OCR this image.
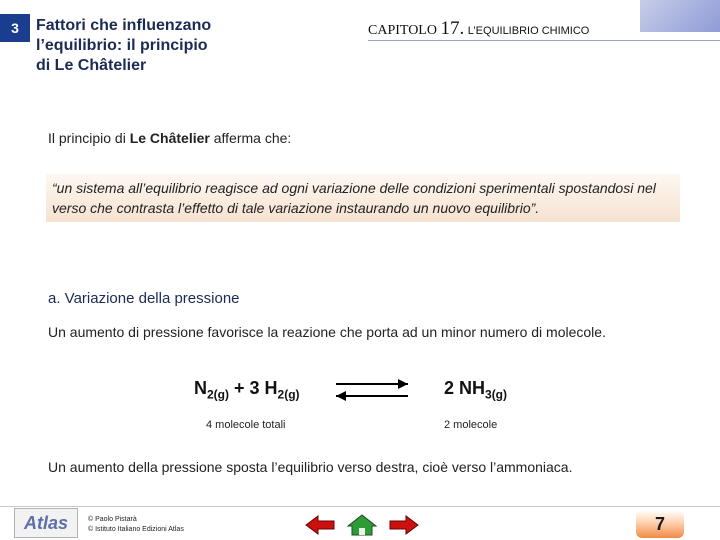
3	Fattori che influenzano
l’equilibrio: il principio
di Le Châtelier
CAPITOLO 17. L’EQUILIBRIO CHIMICO
Il principio di Le Châtelier afferma che:
“un sistema all’equilibrio reagisce ad ogni variazione delle condizioni sperimentali spostandosi nel verso che contrasta l’effetto di tale variazione instaurando un nuovo equilibrio”.
a. Variazione della pressione
Un aumento di pressione favorisce la reazione che porta ad un minor numero di molecole.
$N_{2(g)} + 3$ $H_{2(g)}$	2 $NH_{3(g)}$
4 molecole totali	2 molecole
Un aumento della pressione sposta l’equilibrio verso destra, cioè verso l’ammoniaca.
Atlas	© Paolo Pistarà
© Istituto Italiano Edizioni Atlas	7
